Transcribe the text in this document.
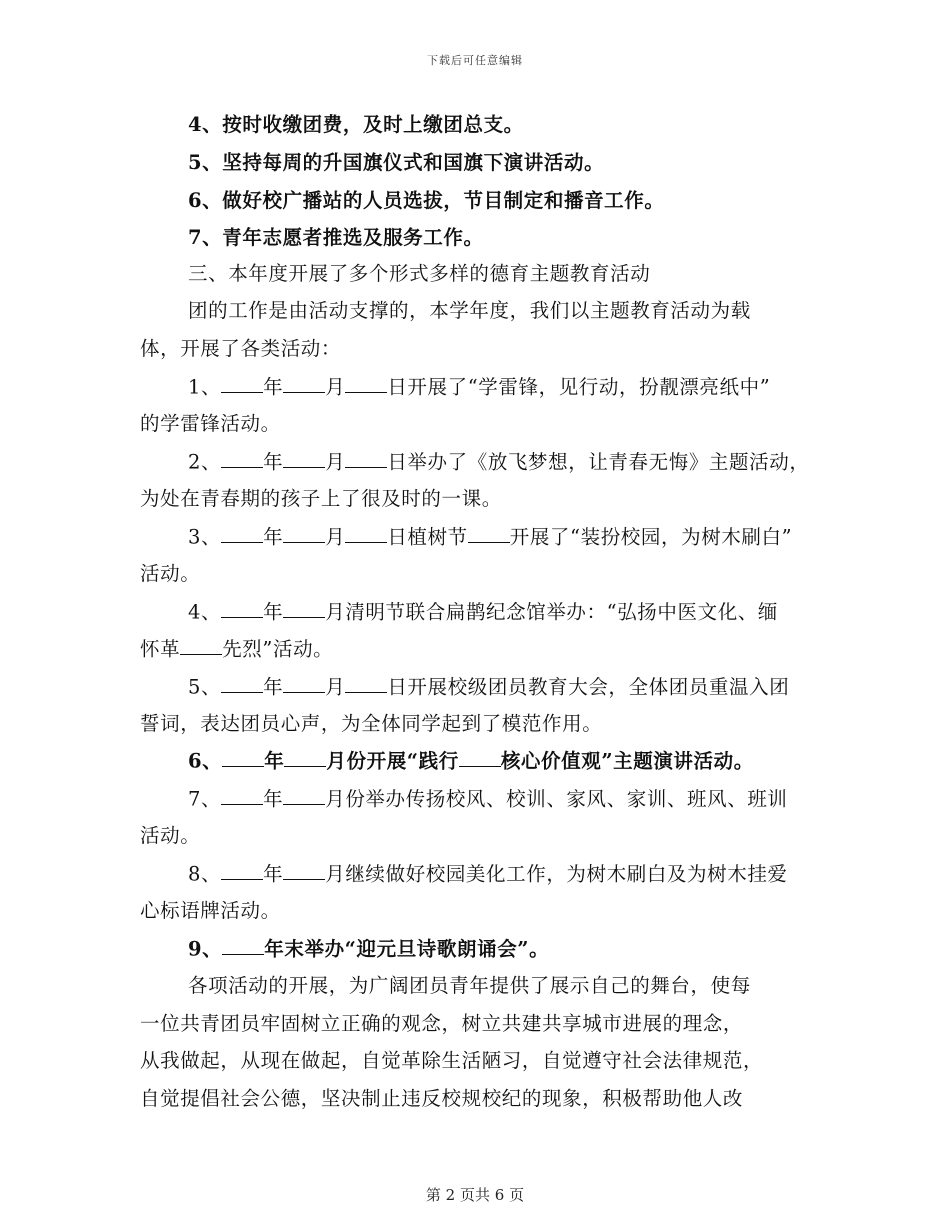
下载后可任意编辑
4、按时收缴团费，及时上缴团总支。
5、坚持每周的升国旗仪式和国旗下演讲活动。
6、做好校广播站的人员选拔，节目制定和播音工作。
7、青年志愿者推选及服务工作。
三、本年度开展了多个形式多样的德育主题教育活动
团的工作是由活动支撑的，本学年度，我们以主题教育活动为载
体，开展了各类活动：
1、 年 月 日开展了“学雷锋，见行动，扮靓漂亮纸中”
的学雷锋活动。
2、 年 月 日举办了《放飞梦想，让青春无悔》主题活动，
为处在青春期的孩子上了很及时的一课。
3、 年 月 日植树节 开展了“装扮校园，为树木刷白”
活动。
4、 年 月清明节联合扁鹊纪念馆举办：“弘扬中医文化、缅
怀革 先烈”活动。
5、 年 月 日开展校级团员教育大会，全体团员重温入团
誓词，表达团员心声，为全体同学起到了模范作用。
6、 年 月份开展“践行 核心价值观”主题演讲活动。
7、 年 月份举办传扬校风、校训、家风、家训、班风、班训
活动。
8、 年 月继续做好校园美化工作，为树木刷白及为树木挂爱
心标语牌活动。
9、 年末举办“迎元旦诗歌朗诵会”。
各项活动的开展，为广阔团员青年提供了展示自己的舞台，使每
一位共青团员牢固树立正确的观念，树立共建共享城市进展的理念，
从我做起，从现在做起，自觉革除生活陋习，自觉遵守社会法律规范，
自觉提倡社会公德，坚决制止违反校规校纪的现象，积极帮助他人改
第 2 页共 6 页
